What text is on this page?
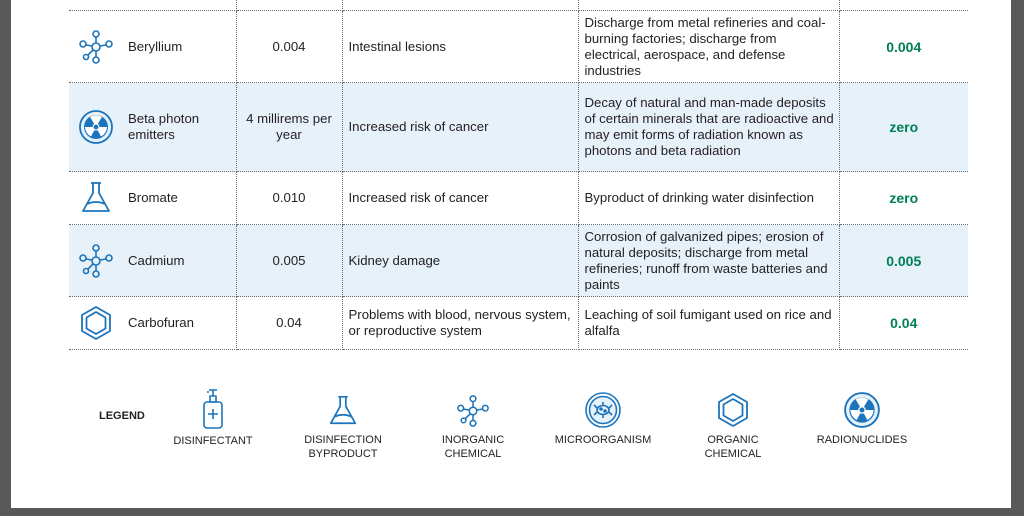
Beryllium	0.004	Intestinal lesions	Discharge from metal refineries and coal-burning factories; discharge from electrical, aerospace, and defense industries	0.004

Beta photon emitters	4 millirems per year	Increased risk of cancer	Decay of natural and man-made deposits of certain minerals that are radioactive and may emit forms of radiation known as photons and beta radiation	zero

Bromate	0.010	Increased risk of cancer	Byproduct of drinking water disinfection	zero

Cadmium	0.005	Kidney damage	Corrosion of galvanized pipes; erosion of natural deposits; discharge from metal refineries; runoff from waste batteries and paints	0.005

Carbofuran	0.04	Problems with blood, nervous system, or reproductive system	Leaching of soil fumigant used on rice and alfalfa	0.04
LEGEND
DISINFECTANT	DISINFECTION BYPRODUCT
INORGANIC CHEMICAL
MICROORGANISM	ORGANIC CHEMICAL
RADIONUCLIDES
